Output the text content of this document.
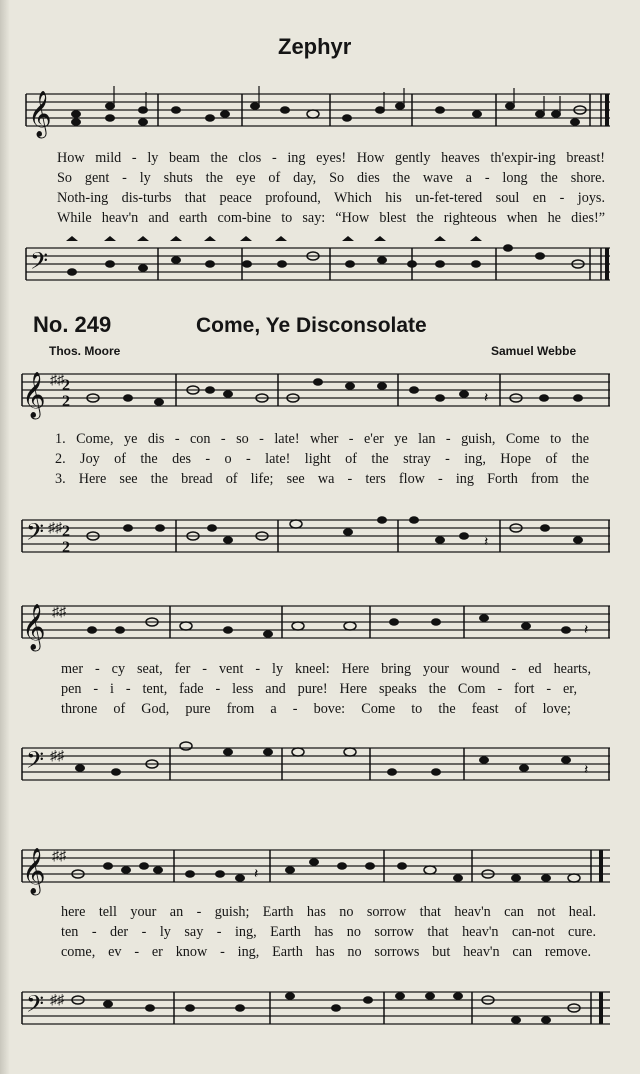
Zephyr
𝄞
How mild - ly beam the clos - ing eyes! How gently heaves th'expir-ing breast!
So gent - ly shuts the eye of day, So dies the wave a - long the shore.
Noth-ing dis-turbs that peace profound, Which his un-fet-tered soul en - joys.
While heav'n and earth com-bine to say: “How blest the righteous when he dies!”
𝄢
No. 249	Come, Ye Disconsolate
Thos. Moore	Samuel Webbe
𝄞 ♯♯
2
2	𝄽
1. Come, ye dis - con - so - late! wher - e'er ye lan - guish, Come to the
2. Joy of the des - o - late! light of the stray - ing, Hope of the
3. Here see the bread of life; see wa - ters flow - ing Forth from the
𝄢 ♯♯ 2
2	𝄽
𝄞 ♯♯
𝄽
mer - cy seat, fer - vent - ly kneel: Here bring your wound - ed hearts,
pen - i - tent, fade - less and pure! Here speaks the Com - fort - er,
throne of God, pure from a - bove: Come to the feast of love;
𝄢 ♯♯
𝄽
𝄞 ♯♯
𝄽
here tell your an - guish; Earth has no sorrow that heav'n can not heal.
ten - der - ly say - ing, Earth has no sorrow that heav'n can-not cure.
come, ev - er know - ing, Earth has no sorrows but heav'n can remove.
𝄢 ♯♯
